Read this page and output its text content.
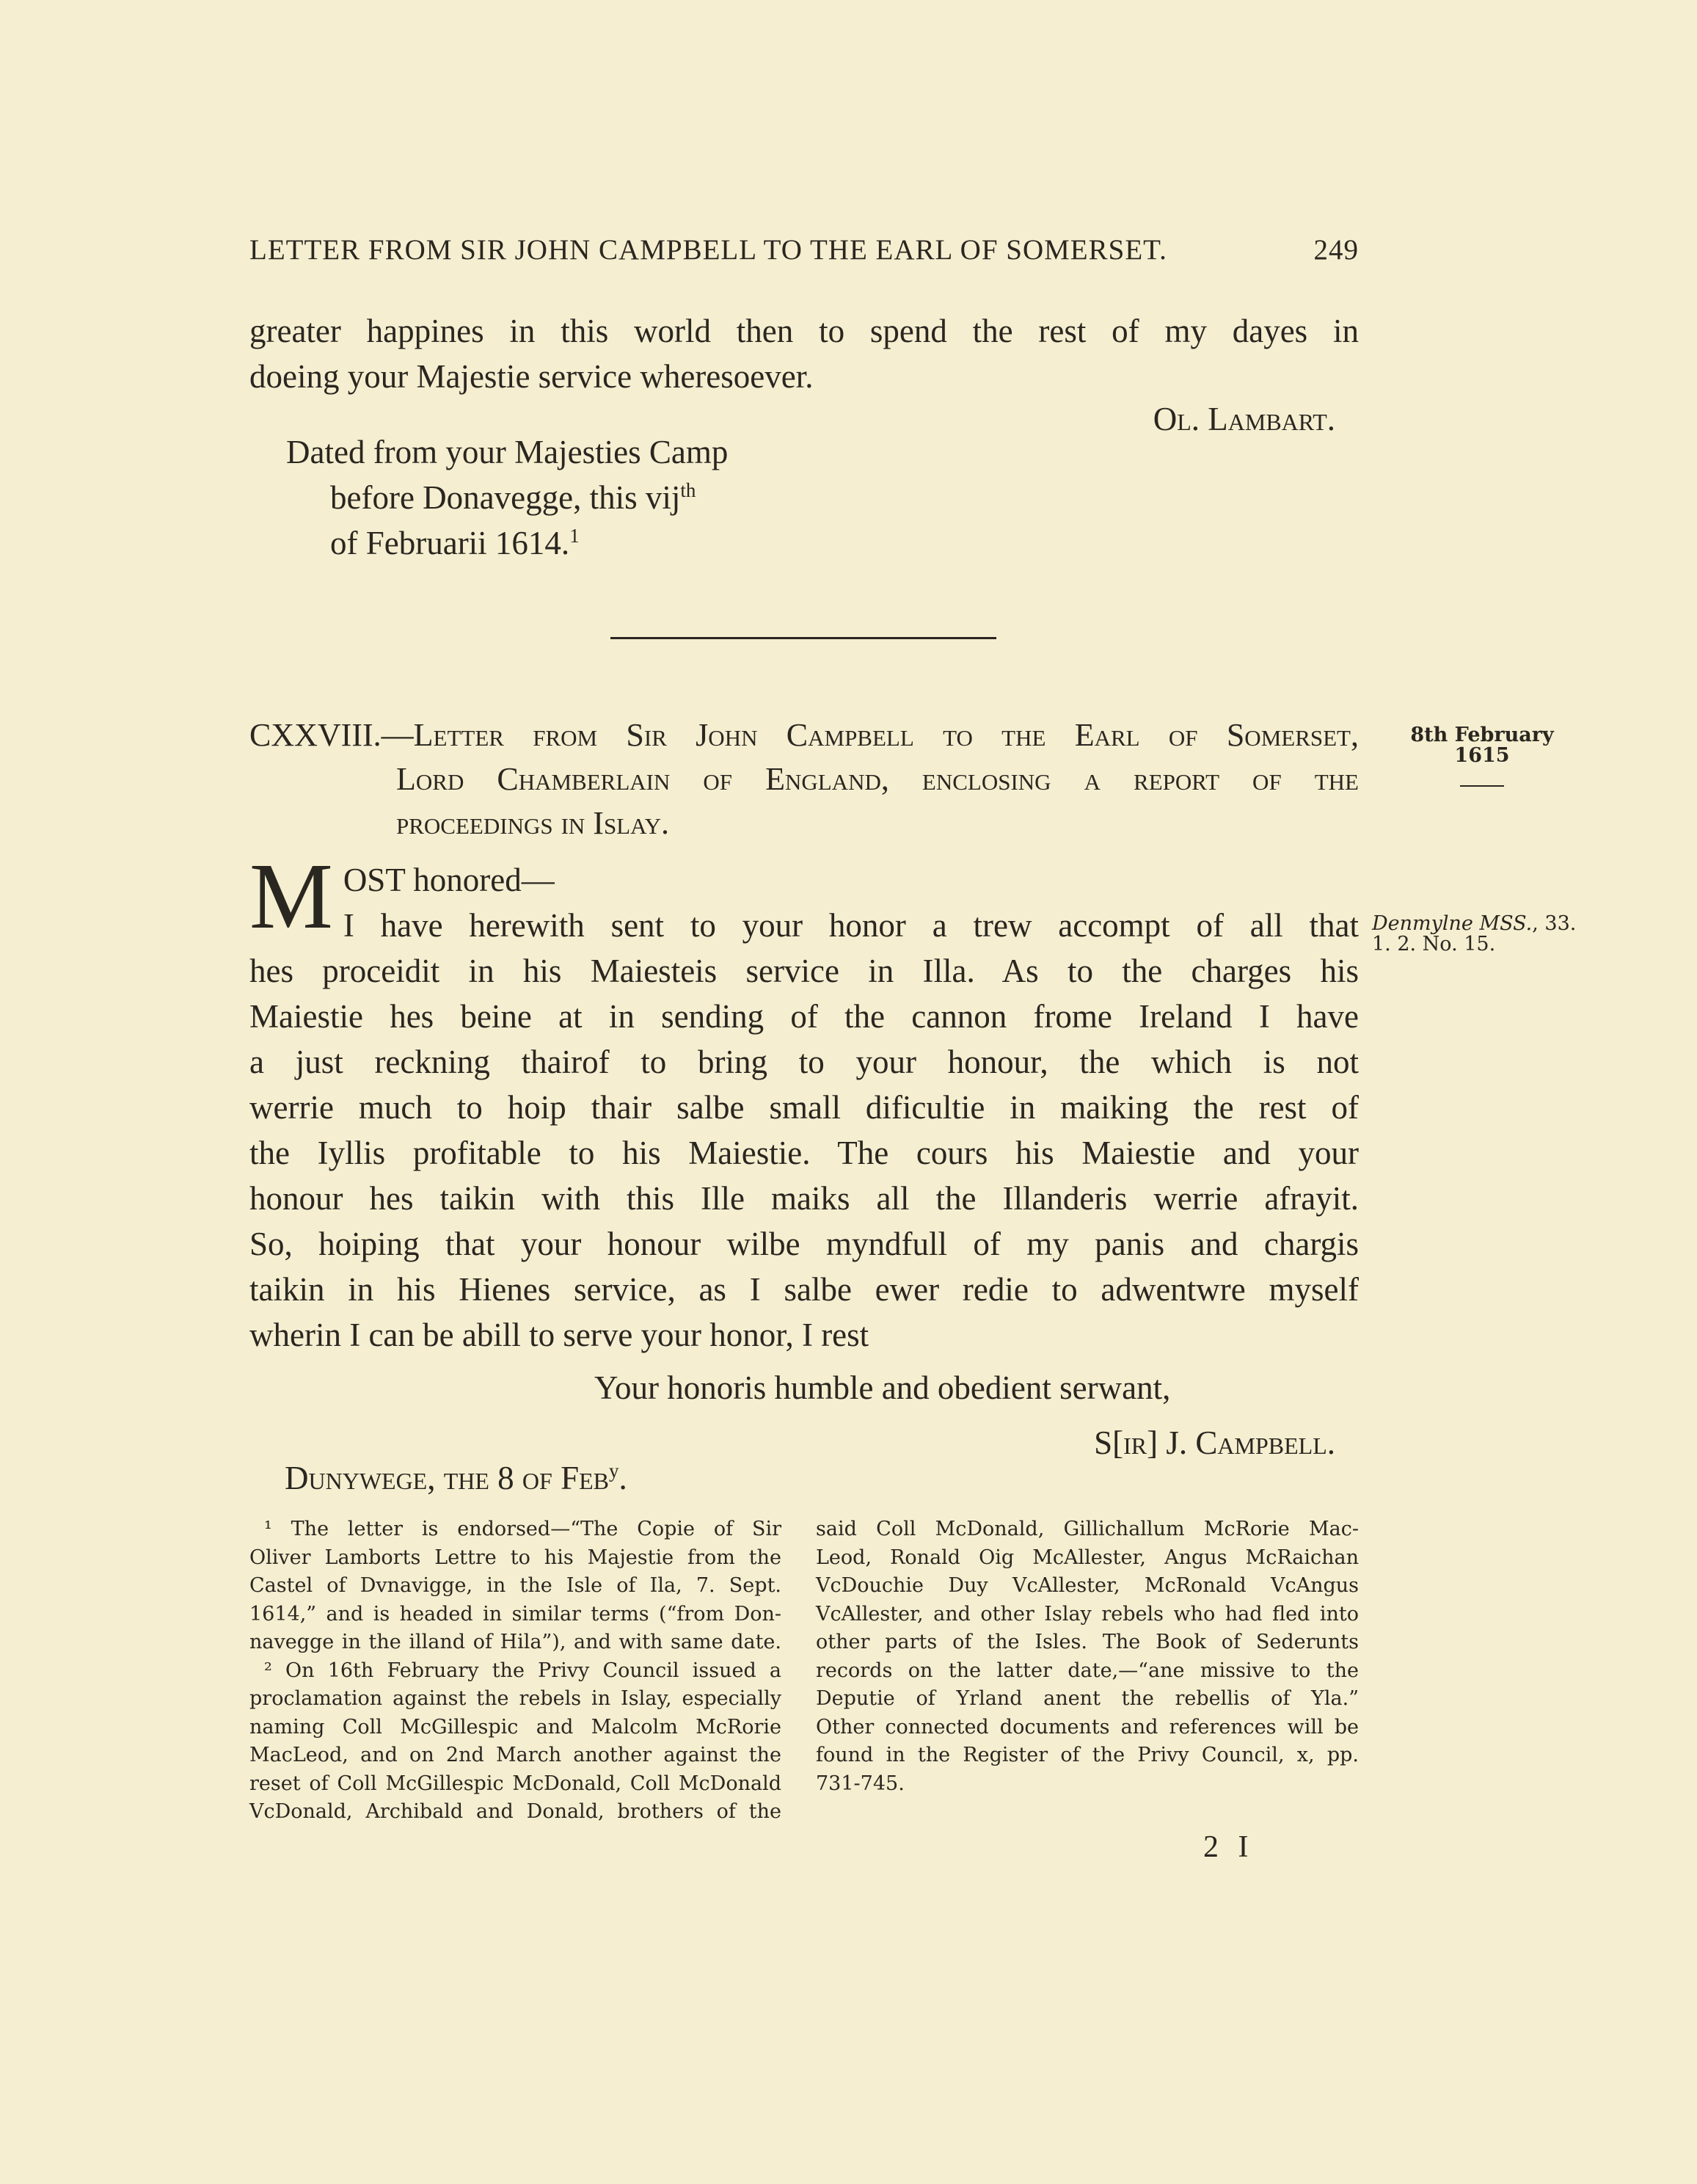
LETTER FROM SIR JOHN CAMPBELL TO THE EARL OF SOMERSET.	249
greater happines in this world then to spend the rest of my dayes in
doeing your Majestie service wheresoever.
Ol. Lambart.
Dated from your Majesties Camp
before Donavegge, this vij$^{th}$
of Februarii 1614.$^1$
CXXVIII.—Letter from Sir John Campbell to the Earl of Somerset,
Lord Chamberlain of England, enclosing a report of the
proceedings in Islay.
8th February
1615
Denmylne MSS., 33.
1. 2. No. 15.
M OST honored—
I have herewith sent to your honor a trew accompt of all that
hes proceidit in his Maiesteis service in Illa. As to the charges his
Maiestie hes beine at in sending of the cannon frome Ireland I have
a just reckning thairof to bring to your honour, the which is not
werrie much to hoip thair salbe small dificultie in maiking the rest of
the Iyllis profitable to his Maiestie. The cours his Maiestie and your
honour hes taikin with this Ille maiks all the Illanderis werrie afrayit.
So, hoiping that your honour wilbe myndfull of my panis and chargis
taikin in his Hienes service, as I salbe ewer redie to adwentwre myself
wherin I can be abill to serve your honor, I rest
Your honoris humble and obedient serwant,
S[ir] J. Campbell.
Dunywege, the 8 of Feb$^y$.
¹ The letter is endorsed—“The Copie of Sir
Oliver Lamborts Lettre to his Majestie from the
Castel of Dvnavigge, in the Isle of Ila, 7. Sept.
1614,” and is headed in similar terms (“from Don-
navegge in the illand of Hila”), and with same date.
² On 16th February the Privy Council issued a
proclamation against the rebels in Islay, especially
naming Coll McGillespic and Malcolm McRorie
MacLeod, and on 2nd March another against the
reset of Coll McGillespic McDonald, Coll McDonald
VcDonald, Archibald and Donald, brothers of the
said Coll McDonald, Gillichallum McRorie Mac-
Leod, Ronald Oig McAllester, Angus McRaichan
VcDouchie Duy VcAllester, McRonald VcAngus
VcAllester, and other Islay rebels who had fled into
other parts of the Isles. The Book of Sederunts
records on the latter date,—“ane missive to the
Deputie of Yrland anent the rebellis of Yla.”
Other connected documents and references will be
found in the Register of the Privy Council, x, pp.
731-745.
2 I
